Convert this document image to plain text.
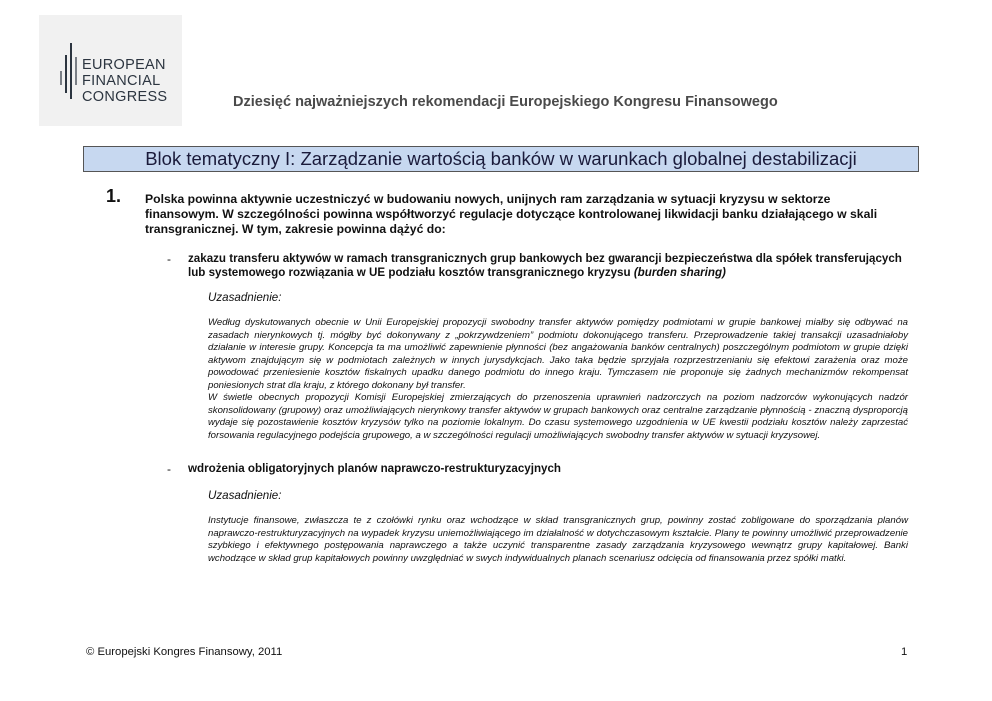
EUROPEAN
FINANCIAL
CONGRESS	Dziesięć najważniejszych rekomendacji Europejskiego Kongresu Finansowego
Blok tematyczny I: Zarządzanie wartością banków w warunkach globalnej destabilizacji
1. Polska powinna aktywnie uczestniczyć w budowaniu nowych, unijnych ram zarządzania w sytuacji kryzysu w sektorze finansowym. W szczególności powinna współtworzyć regulacje dotyczące kontrolowanej likwidacji banku działającego w skali transgranicznej. W tym, zakresie powinna dążyć do:
- zakazu transferu aktywów w ramach transgranicznych grup bankowych bez gwarancji bezpieczeństwa dla spółek transferujących lub systemowego rozwiązania w UE podziału kosztów transgranicznego kryzysu (burden sharing)
Uzasadnienie:
Według dyskutowanych obecnie w Unii Europejskiej propozycji swobodny transfer aktywów pomiędzy podmiotami w grupie bankowej miałby się odbywać na zasadach nierynkowych tj. mógłby być dokonywany z „pokrzywdzeniem” podmiotu dokonującego transferu. Przeprowadzenie takiej transakcji uzasadniałoby działanie w interesie grupy. Koncepcja ta ma umożliwić zapewnienie płynności (bez angażowania banków centralnych) poszczególnym podmiotom w grupie dzięki aktywom znajdującym się w podmiotach zależnych w innych jurysdykcjach. Jako taka będzie sprzyjała rozprzestrzenianiu się efektowi zarażenia oraz może powodować przeniesienie kosztów fiskalnych upadku danego podmiotu do innego kraju. Tymczasem nie proponuje się żadnych mechanizmów rekompensat poniesionych strat dla kraju, z którego dokonany był transfer.
W świetle obecnych propozycji Komisji Europejskiej zmierzających do przenoszenia uprawnień nadzorczych na poziom nadzorców wykonujących nadzór skonsolidowany (grupowy) oraz umożliwiających nierynkowy transfer aktywów w grupach bankowych oraz centralne zarządzanie płynnością - znaczną dysproporcją wydaje się pozostawienie kosztów kryzysów tylko na poziomie lokalnym. Do czasu systemowego uzgodnienia w UE kwestii podziału kosztów należy zaprzestać forsowania regulacyjnego podejścia grupowego, a w szczególności regulacji umożliwiających swobodny transfer aktywów w sytuacji kryzysowej.
- wdrożenia obligatoryjnych planów naprawczo-restrukturyzacyjnych
Uzasadnienie:
Instytucje finansowe, zwłaszcza te z czołówki rynku oraz wchodzące w skład transgranicznych grup, powinny zostać zobligowane do sporządzania planów naprawczo-restrukturyzacyjnych na wypadek kryzysu uniemożliwiającego im działalność w dotychczasowym kształcie. Plany te powinny umożliwić przeprowadzenie szybkiego i efektywnego postępowania naprawczego a także uczynić transparentne zasady zarządzania kryzysowego wewnątrz grupy kapitałowej. Banki wchodzące w skład grup kapitałowych powinny uwzględniać w swych indywidualnych planach scenariusz odcięcia od finansowania przez spółki matki.
© Europejski Kongres Finansowy, 2011	1
